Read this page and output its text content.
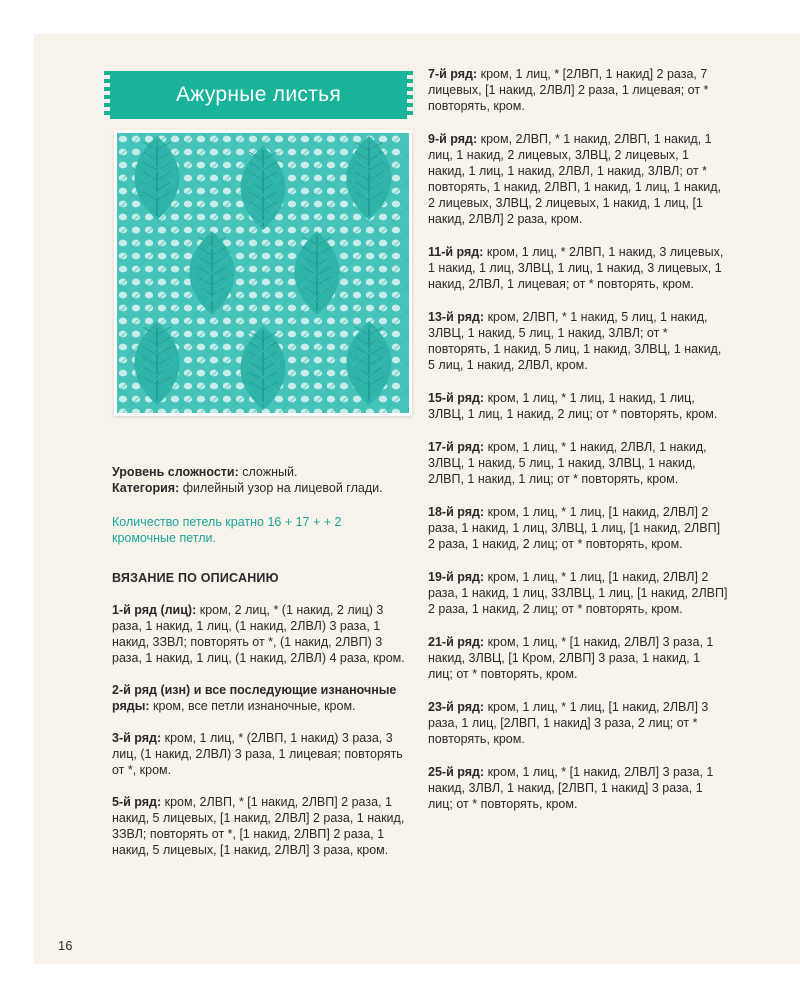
Ажурные листья

Уровень сложности: сложный.

Категория: филейный узор на лицевой глади.

Количество петель кратно 16 + 17 + + 2 кромочные петли.

ВЯЗАНИЕ ПО ОПИСАНИЮ

1-й ряд (лиц): кром, 2 лиц, * (1 накид, 2 лиц) 3 раза, 1 накид, 1 лиц, (1 накид, 2ЛВЛ) 3 раза, 1 накид, 3ЗВЛ; повторять от *, (1 накид, 2ЛВП) 3 раза, 1 накид, 1 лиц, (1 накид, 2ЛВЛ) 4 раза, кром.

2-й ряд (изн) и все последующие изнаночные ряды: кром, все петли изнаночные, кром.

3-й ряд: кром, 1 лиц, * (2ЛВП, 1 накид) 3 раза, 3 лиц, (1 накид, 2ЛВЛ) 3 раза, 1 лицевая; повторять от *, кром.

5-й ряд: кром, 2ЛВП, * [1 накид, 2ЛВП] 2 раза, 1 накид, 5 лицевых, [1 накид, 2ЛВЛ] 2 раза, 1 накид, 3ЗВЛ; повторять от *, [1 накид, 2ЛВП] 2 раза, 1 накид, 5 лицевых, [1 накид, 2ЛВЛ] 3 раза, кром.

7-й ряд: кром, 1 лиц, * [2ЛВП, 1 накид] 2 раза, 7 лицевых, [1 накид, 2ЛВЛ] 2 раза, 1 лицевая; от * повторять, кром.

9-й ряд: кром, 2ЛВП, * 1 накид, 2ЛВП, 1 накид, 1 лиц, 1 накид, 2 лицевых, 3ЛВЦ, 2 лицевых, 1 накид, 1 лиц, 1 накид, 2ЛВЛ, 1 накид, 3ЛВЛ; от * повторять, 1 накид, 2ЛВП, 1 накид, 1 лиц, 1 накид, 2 лицевых, 3ЛВЦ, 2 лицевых, 1 накид, 1 лиц, [1 накид, 2ЛВЛ] 2 раза, кром.

11-й ряд: кром, 1 лиц, * 2ЛВП, 1 накид, 3 лицевых, 1 накид, 1 лиц, 3ЛВЦ, 1 лиц, 1 накид, 3 лицевых, 1 накид, 2ЛВЛ, 1 лицевая; от * повторять, кром.

13-й ряд: кром, 2ЛВП, * 1 накид, 5 лиц, 1 накид, 3ЛВЦ, 1 накид, 5 лиц, 1 накид, 3ЛВЛ; от * повторять, 1 накид, 5 лиц, 1 накид, 3ЛВЦ, 1 накид, 5 лиц, 1 накид, 2ЛВЛ, кром.

15-й ряд: кром, 1 лиц, * 1 лиц, 1 накид, 1 лиц, 3ЛВЦ, 1 лиц, 1 накид, 2 лиц; от * повторять, кром.

17-й ряд: кром, 1 лиц, * 1 накид, 2ЛВЛ, 1 накид, 3ЛВЦ, 1 накид, 5 лиц, 1 накид, 3ЛВЦ, 1 накид, 2ЛВП, 1 накид, 1 лиц; от * повторять, кром.

18-й ряд: кром, 1 лиц, * 1 лиц, [1 накид, 2ЛВЛ] 2 раза, 1 накид, 1 лиц, 3ЛВЦ, 1 лиц, [1 накид, 2ЛВП] 2 раза, 1 накид, 2 лиц; от * повторять, кром.

19-й ряд: кром, 1 лиц, * 1 лиц, [1 накид, 2ЛВЛ] 2 раза, 1 накид, 1 лиц, 3ЗЛВЦ, 1 лиц, [1 накид, 2ЛВП] 2 раза, 1 накид, 2 лиц; от * повторять, кром.

21-й ряд: кром, 1 лиц, * [1 накид, 2ЛВЛ] 3 раза, 1 накид, 3ЛВЦ, [1 Кром, 2ЛВП] 3 раза, 1 накид, 1 лиц; от * повторять, кром.

23-й ряд: кром, 1 лиц, * 1 лиц, [1 накид, 2ЛВЛ] 3 раза, 1 лиц, [2ЛВП, 1 накид] 3 раза, 2 лиц; от * повторять, кром.

25-й ряд: кром, 1 лиц, * [1 накид, 2ЛВЛ] 3 раза, 1 накид, 3ЛВЛ, 1 накид, [2ЛВП, 1 накид] 3 раза, 1 лиц; от * повторять, кром.

16
